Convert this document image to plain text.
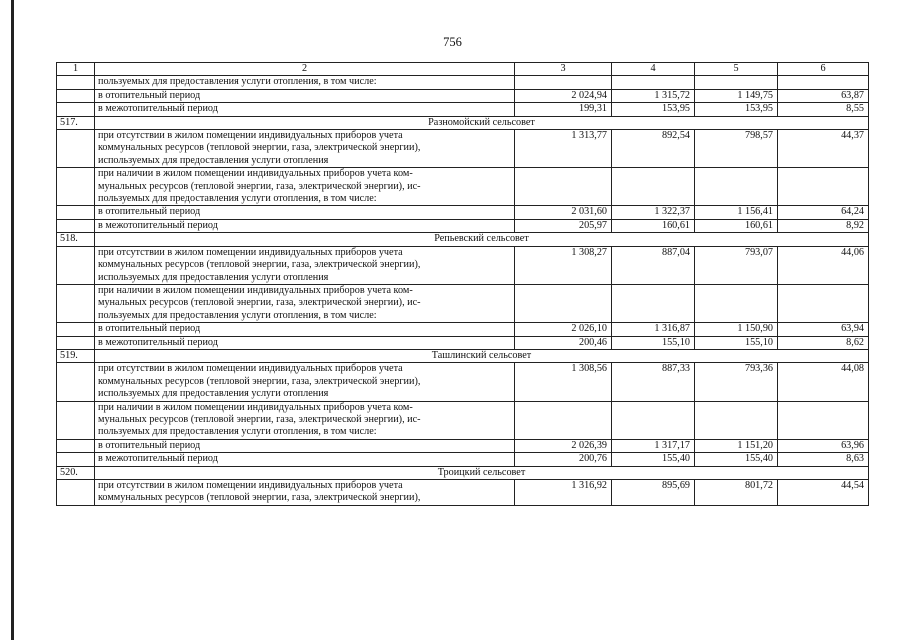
756
1	2	3	4	5	6
	пользуемых для предоставления услуги отопления, в том числе:				
	в отопительный период	2 024,94	1 315,72	1 149,75	63,87
	в межотопительный период	199,31	153,95	153,95	8,55
517.	Разномойский сельсовет				

	при отсутствии в жилом помещении индивидуальных приборов учета
коммунальных ресурсов (тепловой энергии, газа, электрической энергии),
используемых для предоставления услуги отопления	1 313,77	892,54	798,57	44,37

	при наличии в жилом помещении индивидуальных приборов учета ком-
мунальных ресурсов (тепловой энергии, газа, электрической энергии), ис-
пользуемых для предоставления услуги отопления, в том числе:				

	в отопительный период	2 031,60	1 322,37	1 156,41	64,24
	в межотопительный период	205,97	160,61	160,61	8,92
518.	Репьевский сельсовет				

	при отсутствии в жилом помещении индивидуальных приборов учета
коммунальных ресурсов (тепловой энергии, газа, электрической энергии),
используемых для предоставления услуги отопления	1 308,27	887,04	793,07	44,06

	при наличии в жилом помещении индивидуальных приборов учета ком-
мунальных ресурсов (тепловой энергии, газа, электрической энергии), ис-
пользуемых для предоставления услуги отопления, в том числе:				

	в отопительный период	2 026,10	1 316,87	1 150,90	63,94
	в межотопительный период	200,46	155,10	155,10	8,62
519.	Ташлинский сельсовет				

	при отсутствии в жилом помещении индивидуальных приборов учета
коммунальных ресурсов (тепловой энергии, газа, электрической энергии),
используемых для предоставления услуги отопления	1 308,56	887,33	793,36	44,08

	при наличии в жилом помещении индивидуальных приборов учета ком-
мунальных ресурсов (тепловой энергии, газа, электрической энергии), ис-
пользуемых для предоставления услуги отопления, в том числе:				

	в отопительный период	2 026,39	1 317,17	1 151,20	63,96
	в межотопительный период	200,76	155,40	155,40	8,63
520.	Троицкий сельсовет				

	при отсутствии в жилом помещении индивидуальных приборов учета
коммунальных ресурсов (тепловой энергии, газа, электрической энергии),	1 316,92	895,69	801,72	44,54
